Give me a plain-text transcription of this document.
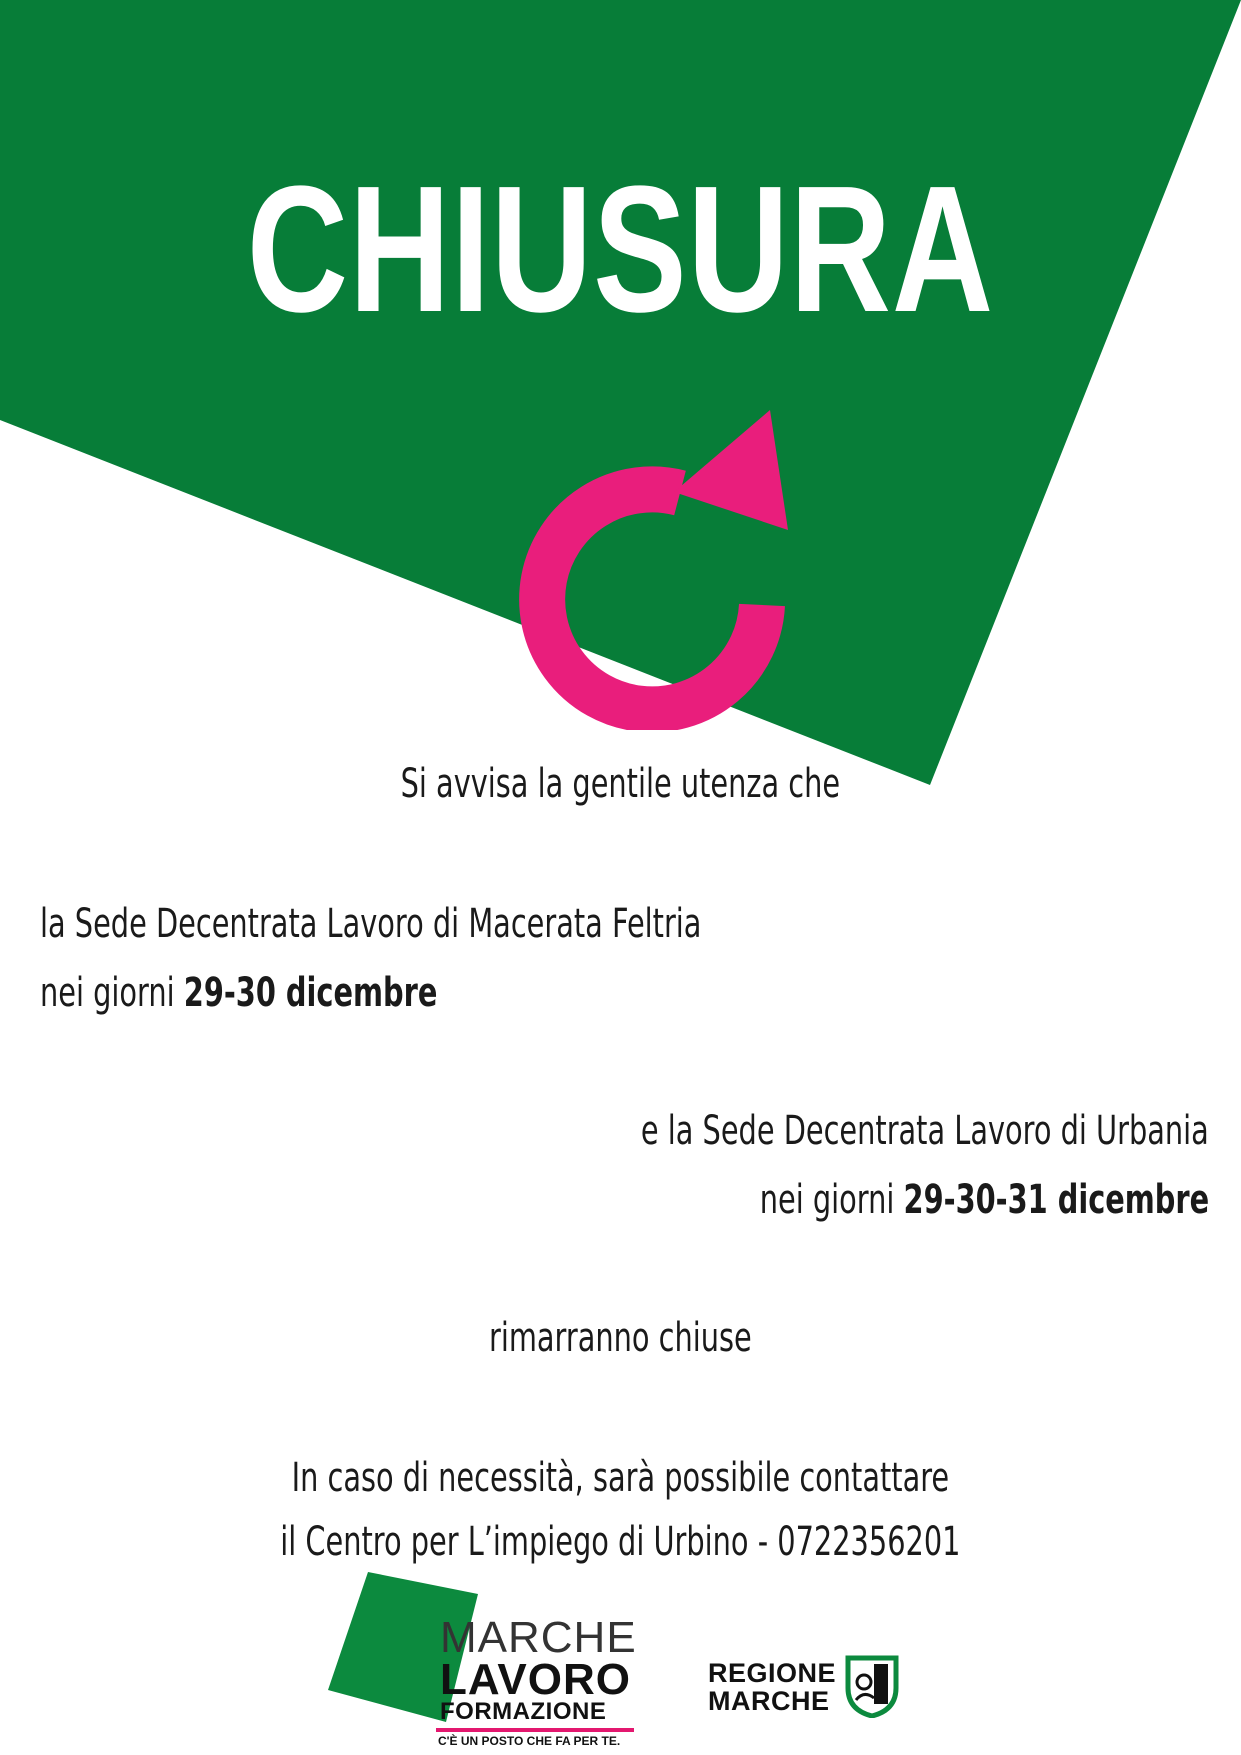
CHIUSURA
Si avvisa la gentile utenza che
la Sede Decentrata Lavoro di Macerata Feltria
nei giorni 29-30 dicembre
e la Sede Decentrata Lavoro di Urbania
nei giorni 29-30-31 dicembre
rimarranno chiuse
In caso di necessità, sarà possibile contattare
il Centro per L’impiego di Urbino - 0722356201
MARCHE
LAVORO
FORMAZIONE
C'È UN POSTO CHE FA PER TE.
REGIONE
MARCHE
